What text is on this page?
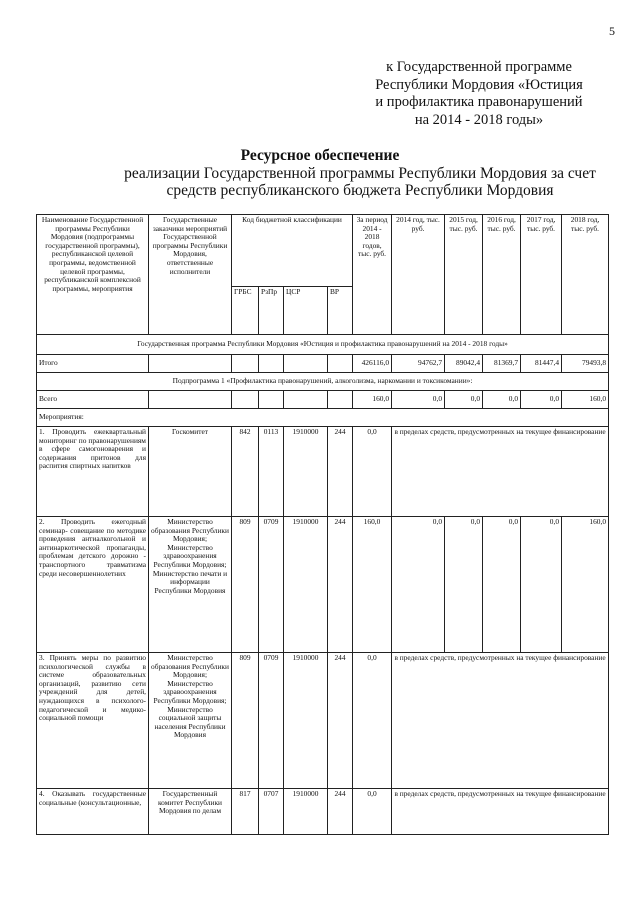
5
к Государственной программе
Республики Мордовия «Юстиция
и профилактика правонарушений
на 2014 - 2018 годы»
Ресурсное обеспечение
реализации Государственной программы Республики Мордовия за счет
средств республиканского бюджета Республики Мордовия
Наименование Государственной программы Республики Мордовия (подпрограммы государственной программы), республиканской целевой программы, ведомственной целевой программы, республиканской комплексной программы, мероприятия	Государственные заказчики мероприятий Государственной программы Республики Мордовия, ответственные исполнители	Код бюджетной классификации				За период 2014 - 2018 годов, тыс. руб.	2014 год, тыс. руб.	2015 год, тыс. руб.	2016 год, тыс. руб.	2017 год, тыс. руб.	2018 год, тыс. руб.
		ГРБС	РзПр	ЦСР	ВР						
Государственная программа Республики Мордовия «Юстиция и профилактика правонарушений на 2014 - 2018 годы»											
Итого						426116,0	94762,7	89042,4	81369,7	81447,4	79493,8
Подпрограмма 1 «Профилактика правонарушений, алкоголизма, наркомании и токсикомании»:											
Всего						160,0	0,0	0,0	0,0	0,0	160,0
Мероприятия:											
1. Проводить ежеквартальный мониторинг по правонарушениям в сфере самогоноварения и содержания притонов для распития спиртных напитков	Госкомитет	842	0113	1910000	244	0,0	в пределах средств, предусмотренных на текущее финансирование				
2. Проводить ежегодный семинар- совещание по методике проведения антиалкогольной и антинаркотической пропаганды, проблемам детского дорожно - транспортного травматизма среди несовершеннолетних	Министерство образования Республики Мордовия; Министерство здравоохранения Республики Мордовия; Министерство печати и информации Республики Мордовия	809	0709	1910000	244	160,0	0,0	0,0	0,0	0,0	160,0
3. Принять меры по развитию психологической службы в системе образовательных организаций, развитию сети учреждений для детей, нуждающихся в психолого-педагогической и медико-социальной помощи	Министерство образования Республики Мордовия; Министерство здравоохранения Республики Мордовия; Министерство социальной защиты населения Республики Мордовия	809	0709	1910000	244	0,0	в пределах средств, предусмотренных на текущее финансирование				
4. Оказывать государственные социальные (консультационные,	Государственный комитет Республики Мордовия по делам	817	0707	1910000	244	0,0	в пределах средств, предусмотренных на текущее финансирование				
